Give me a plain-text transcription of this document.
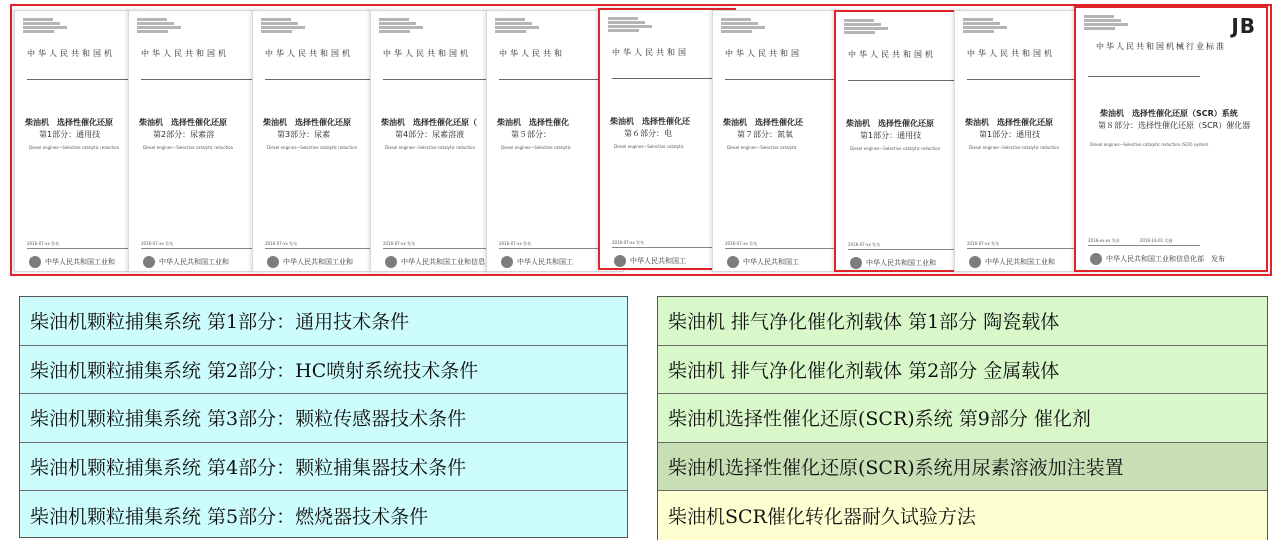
中华人民共和国机
柴油机　选择性催化还原
第1部分：通用技
Diesel engines—Selective catalytic reduction
2016-07-xx 发布
中华人民共和国工业和
中华人民共和国机
柴油机　选择性催化还原
第2部分：尿素溶
Diesel engines—Selective catalytic reduction
2016-07-xx 发布
中华人民共和国工业和
中华人民共和国机
柴油机　选择性催化还原
第3部分：尿素
Diesel engines—Selective catalytic reduction
2016-07-xx 发布
中华人民共和国工业和
中华人民共和国机
柴油机　选择性催化还原（
第4部分：尿素溶液
Diesel engines—Selective catalytic reduction
2016-07-xx 发布
中华人民共和国工业和信息
中华人民共和
柴油机　选择性催化
第５部分：
Diesel engines—Selective catalytic
2016-07-xx 发布
中华人民共和国工
中华人民共和国
柴油机　选择性催化还
第６部分：电
Diesel engines—Selective catalytic
2016-07-xx 发布
中华人民共和国工
中华人民共和国
柴油机　选择性催化还
第７部分：氮氧
Diesel engines—Selective catalytic
2016-07-xx 发布
中华人民共和国工
中华人民共和国机
柴油机　选择性催化还原
第1部分：通用技
Diesel engines—Selective catalytic reduction
2016-07-xx 发布
中华人民共和国工业和
中华人民共和国机
柴油机　选择性催化还原
第1部分：通用技
Diesel engines—Selective catalytic reduction
2016-07-xx 发布
中华人民共和国工业和
中华人民共和国机械行业标准
柴油机　选择性催化还原（SCR）系统
第８部分：选择性催化还原（SCR）催化器
Diesel engines—Selective catalytic reduction (SCR) system
2016-xx-xx 发布　　　　　2016-10-01 实施
中华人民共和国工业和信息化部　发布
JB
柴油机颗粒捕集系统 第1部分：通用技术条件
柴油机颗粒捕集系统 第2部分：HC喷射系统技术条件
柴油机颗粒捕集系统 第3部分：颗粒传感器技术条件
柴油机颗粒捕集系统 第4部分：颗粒捕集器技术条件
柴油机颗粒捕集系统 第5部分：燃烧器技术条件
柴油机 排气净化催化剂载体 第1部分 陶瓷载体
柴油机 排气净化催化剂载体 第2部分 金属载体
柴油机选择性催化还原(SCR)系统 第9部分 催化剂
柴油机选择性催化还原(SCR)系统用尿素溶液加注装置
柴油机SCR催化转化器耐久试验方法
